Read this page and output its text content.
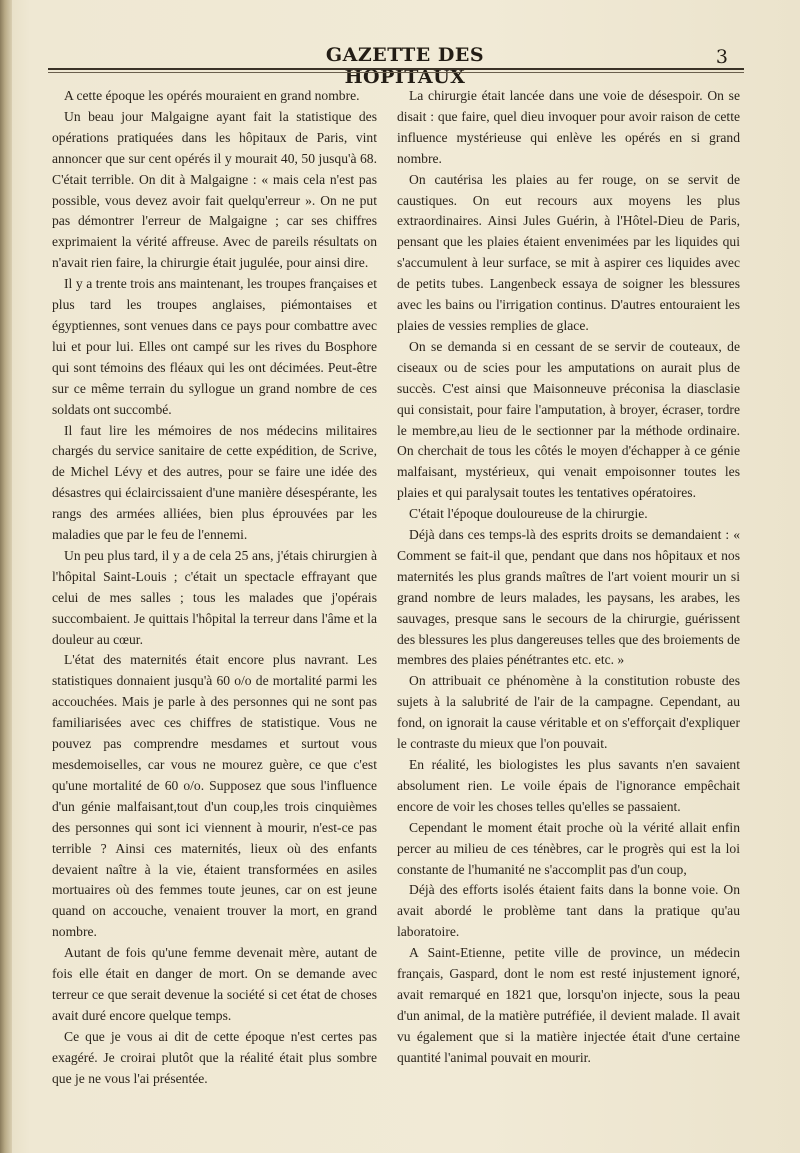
GAZETTE DES HOPITAUX
3

A cette époque les opérés mouraient en grand nombre.

Un beau jour Malgaigne ayant fait la statistique des opérations pratiquées dans les hôpitaux de Paris, vint annoncer que sur cent opérés il y mourait 40, 50 jusqu'à 68. C'était terrible. On dit à Malgaigne : « mais cela n'est pas possible, vous devez avoir fait quelqu'erreur ». On ne put pas démontrer l'erreur de Malgaigne ; car ses chiffres exprimaient la vérité affreuse. Avec de pareils résultats on n'avait rien faire, la chirurgie était jugulée, pour ainsi dire.

Il y a trente trois ans maintenant, les troupes françaises et plus tard les troupes anglaises, piémontaises et égyptiennes, sont venues dans ce pays pour combattre avec lui et pour lui. Elles ont campé sur les rives du Bosphore qui sont témoins des fléaux qui les ont décimées. Peut-être sur ce même terrain du syllogue un grand nombre de ces soldats ont succombé.

Il faut lire les mémoires de nos médecins militaires chargés du service sanitaire de cette expédition, de Scrive, de Michel Lévy et des autres, pour se faire une idée des désastres qui éclaircissaient d'une manière désespérante, les rangs des armées alliées, bien plus éprouvées par les maladies que par le feu de l'ennemi.

Un peu plus tard, il y a de cela 25 ans, j'étais chirurgien à l'hôpital Saint-Louis ; c'était un spectacle effrayant que celui de mes salles ; tous les malades que j'opérais succombaient. Je quittais l'hôpital la terreur dans l'âme et la douleur au cœur.

L'état des maternités était encore plus navrant. Les statistiques donnaient jusqu'à 60 o/o de mortalité parmi les accouchées. Mais je parle à des personnes qui ne sont pas familiarisées avec ces chiffres de statistique. Vous ne pouvez pas comprendre mesdames et surtout vous mesdemoiselles, car vous ne mourez guère, ce que c'est qu'une mortalité de 60 o/o. Supposez que sous l'influence d'un génie malfaisant,tout d'un coup,les trois cinquièmes des personnes qui sont ici viennent à mourir, n'est-ce pas terrible ? Ainsi ces maternités, lieux où des enfants devaient naître à la vie, étaient transformées en asiles mortuaires où des femmes toute jeunes, car on est jeune quand on accouche, venaient trouver la mort, en grand nombre.

Autant de fois qu'une femme devenait mère, autant de fois elle était en danger de mort. On se demande avec terreur ce que serait devenue la société si cet état de choses avait duré encore quelque temps.

Ce que je vous ai dit de cette époque n'est certes pas exagéré. Je croirai plutôt que la réalité était plus sombre que je ne vous l'ai présentée.

La chirurgie était lancée dans une voie de désespoir. On se disait : que faire, quel dieu invoquer pour avoir raison de cette influence mystérieuse qui enlève les opérés en si grand nombre.

On cautérisa les plaies au fer rouge, on se servit de caustiques. On eut recours aux moyens les plus extraordinaires. Ainsi Jules Guérin, à l'Hôtel-Dieu de Paris, pensant que les plaies étaient envenimées par les liquides qui s'accumulent à leur surface, se mit à aspirer ces liquides avec de petits tubes. Langenbeck essaya de soigner les blessures avec les bains ou l'irrigation continus. D'autres entouraient les plaies de vessies remplies de glace.

On se demanda si en cessant de se servir de couteaux, de ciseaux ou de scies pour les amputations on aurait plus de succès. C'est ainsi que Maisonneuve préconisa la diasclasie qui consistait, pour faire l'amputation, à broyer, écraser, tordre le membre,au lieu de le sectionner par la méthode ordinaire. On cherchait de tous les côtés le moyen d'échapper à ce génie malfaisant, mystérieux, qui venait empoisonner toutes les plaies et qui paralysait toutes les tentatives opératoires.

C'était l'époque douloureuse de la chirurgie.

Déjà dans ces temps-là des esprits droits se demandaient : « Comment se fait-il que, pendant que dans nos hôpitaux et nos maternités les plus grands maîtres de l'art voient mourir un si grand nombre de leurs malades, les paysans, les arabes, les sauvages, presque sans le secours de la chirurgie, guérissent des blessures les plus dangereuses telles que des broiements de membres des plaies pénétrantes etc. etc. »

On attribuait ce phénomène à la constitution robuste des sujets à la salubrité de l'air de la campagne. Cependant, au fond, on ignorait la cause véritable et on s'efforçait d'expliquer le contraste du mieux que l'on pouvait.

En réalité, les biologistes les plus savants n'en savaient absolument rien. Le voile épais de l'ignorance empêchait encore de voir les choses telles qu'elles se passaient.

Cependant le moment était proche où la vérité allait enfin percer au milieu de ces ténèbres, car le progrès qui est la loi constante de l'humanité ne s'accomplit pas d'un coup,

Déjà des efforts isolés étaient faits dans la bonne voie. On avait abordé le problème tant dans la pratique qu'au laboratoire.

A Saint-Etienne, petite ville de province, un médecin français, Gaspard, dont le nom est resté injustement ignoré, avait remarqué en 1821 que, lorsqu'on injecte, sous la peau d'un animal, de la matière putréfiée, il devient malade. Il avait vu également que si la matière injectée était d'une certaine quantité l'animal pouvait en mourir.
